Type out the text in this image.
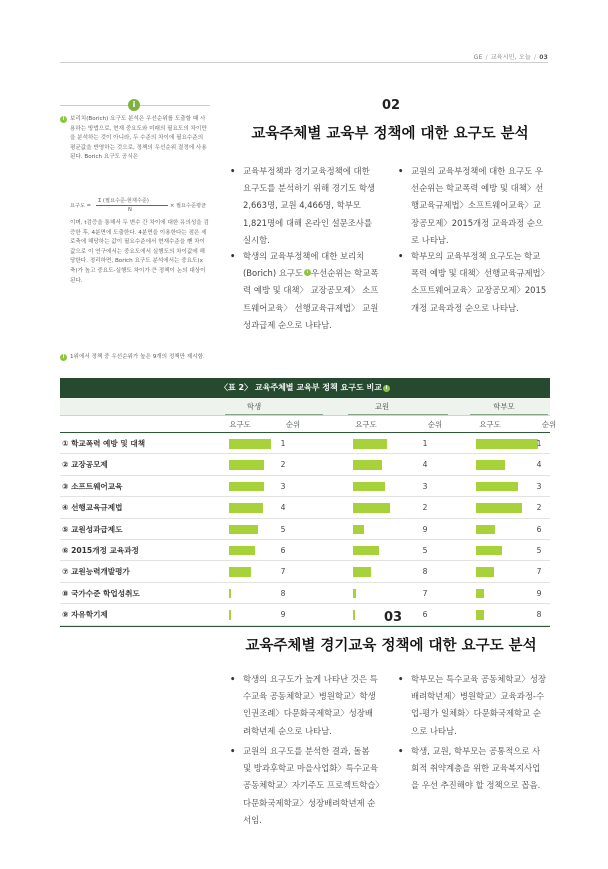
GE / 교육시민, 오늘 / 03
i
i	보리치(Borich) 요구도 분석은 우선순위를 도출할 때 사용하는 방법으로, 현재 중요도와 미래의 필요도의 차이만을 분석하는 것이 아니라, 두 수준의 차이에 필요수준의 평균값을 반영하는 것으로, 정책의 우선순위 결정에 사용된다. Borich 요구도 공식은
요구도 =
Σ (필요수준-현재수준)
N
× 필요수준평균
이며, t검증을 통해서 두 변수 간 차이에 대한 유의성을 검증한 후, 4분면에 도출한다. 4분면을 이용한다는 점은 세로축에 해당하는 값이 필요수준에서 현재수준을 뺀 차이값으로 이 연구에서는 중요도에서 실행도의 차이값에 해당한다. 정리하면, Borich 요구도 분석에서는 중요도(x축)가 높고 중요도-실행도 차이가 큰 정책이 논의 대상이 된다.
i	1위에서 정책 중 우선순위가 높은 9개의 정책만 제시함.
02
교육주체별 교육부 정책에 대한 요구도 분석
• 교육부정책과 경기교육정책에 대한 요구도를 분석하기 위해 경기도 학생 2,663명, 교원 4,466명, 학부모 1,821명에 대해 온라인 설문조사를 실시함.
• 학생의 교육부정책에 대한 보리치(Borich) 요구도 i 우선순위는 학교폭력 예방 및 대책〉 교장공모제〉 소프트웨어교육〉 선행교육규제법〉 교원성과급제 순으로 나타남.
• 교원의 교육부정책에 대한 요구도 우선순위는 학교폭력 예방 및 대책〉선행교육규제법〉소프트웨어교육〉교장공모제〉2015개정 교육과정 순으로 나타남.
• 학부모의 교육부정책 요구도는 학교폭력 예방 및 대책〉선행교육규제법〉소프트웨어교육〉교장공모제〉2015개정 교육과정 순으로 나타남.
〈표 2〉 교육주체별 교육부 정책 요구도 비교 i
학생	교원	학부모
요구도	순위	요구도	순위	요구도	순위
① 학교폭력 예방 및 대책	1	1	1
② 교장공모제	2	4	4
③ 소프트웨어교육	3	3	3
④ 선행교육규제법	4	2	2
⑤ 교원성과급제도	5	9	6
⑥ 2015개정 교육과정	6	5	5
⑦ 교원능력개발평가	7	8	7
⑧ 국가수준 학업성취도	8	7	9
⑨ 자유학기제	9	6	8
03
교육주체별 경기교육 정책에 대한 요구도 분석
• 학생의 요구도가 높게 나타난 것은 특수교육 공동체학교〉병원학교〉학생인권조례〉다문화국제학교〉성장배려학년제 순으로 나타남.
• 교원의 요구도를 분석한 결과, 돌봄 및 방과후학교 마을사업화〉특수교육 공동체학교〉자기주도 프로젝트학습〉다문화국제학교〉성장배려학년제 순서임.
• 학부모는 특수교육 공동체학교〉성장배려학년제〉병원학교〉교육과정-수업-평가 일체화〉다문화국제학교 순으로 나타남.
• 학생, 교원, 학부모는 공통적으로 사회적 취약계층을 위한 교육복지사업을 우선 추진해야 할 정책으로 꼽음.
